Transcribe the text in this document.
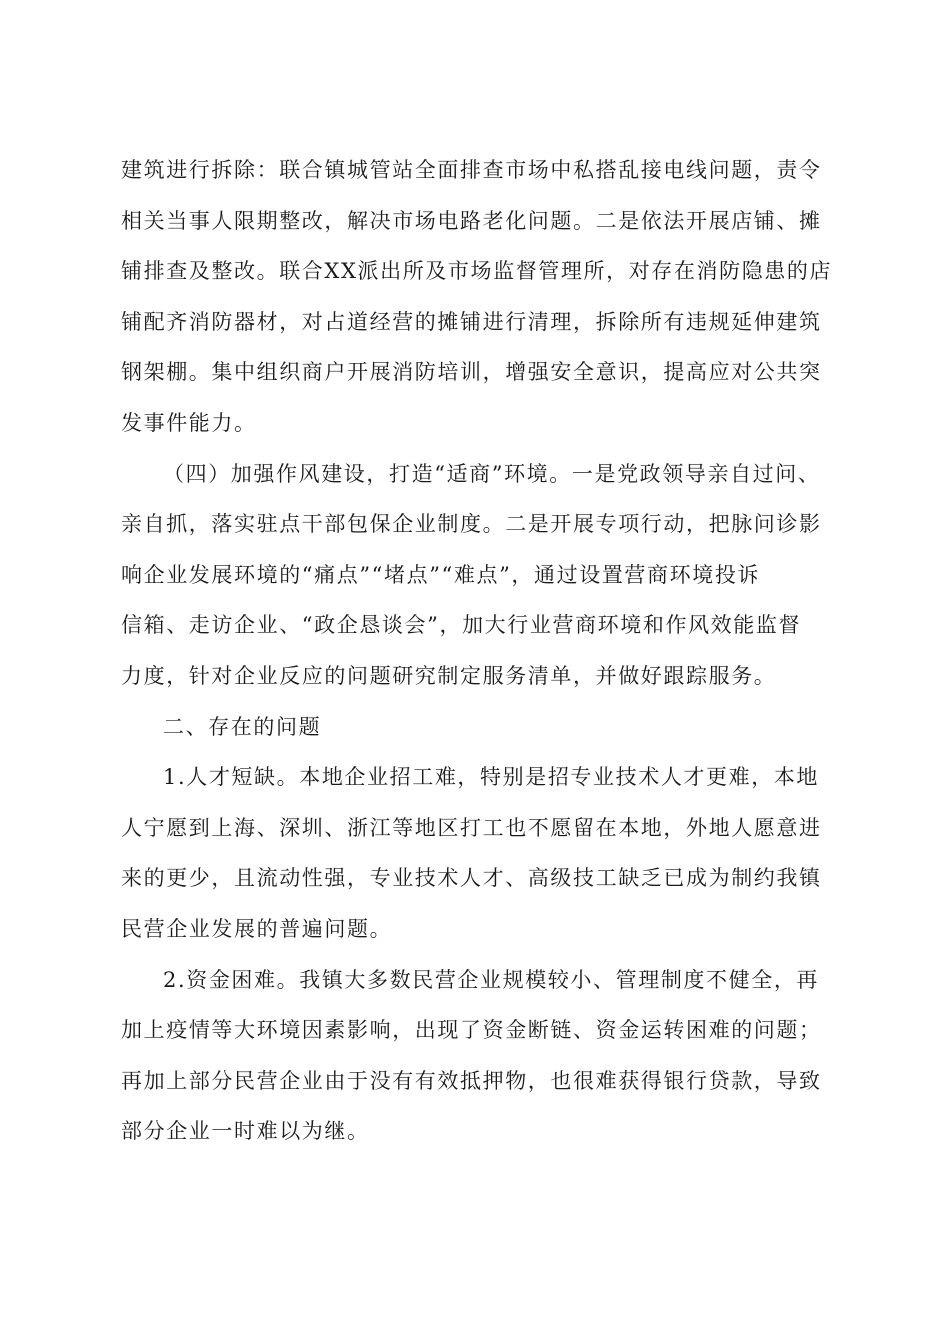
建筑进行拆除：联合镇城管站全面排查市场中私搭乱接电线问题，责令
相关当事人限期整改，解决市场电路老化问题。二是依法开展店铺、摊
铺排查及整改。联合XX派出所及市场监督管理所，对存在消防隐患的店
铺配齐消防器材，对占道经营的摊铺进行清理，拆除所有违规延伸建筑
钢架棚。集中组织商户开展消防培训，增强安全意识，提高应对公共突
发事件能力。
（四）加强作风建设，打造“适商”环境。一是党政领导亲自过问、
亲自抓，落实驻点干部包保企业制度。二是开展专项行动，把脉问诊影
响企业发展环境的“痛点”“堵点”“难点”，通过设置营商环境投诉
信箱、走访企业、“政企恳谈会”，加大行业营商环境和作风效能监督
力度，针对企业反应的问题研究制定服务清单，并做好跟踪服务。
二、存在的问题
1.人才短缺。本地企业招工难，特别是招专业技术人才更难，本地
人宁愿到上海、深圳、浙江等地区打工也不愿留在本地，外地人愿意进
来的更少，且流动性强，专业技术人才、高级技工缺乏已成为制约我镇
民营企业发展的普遍问题。
2.资金困难。我镇大多数民营企业规模较小、管理制度不健全，再
加上疫情等大环境因素影响，出现了资金断链、资金运转困难的问题；
再加上部分民营企业由于没有有效抵押物，也很难获得银行贷款，导致
部分企业一时难以为继。
